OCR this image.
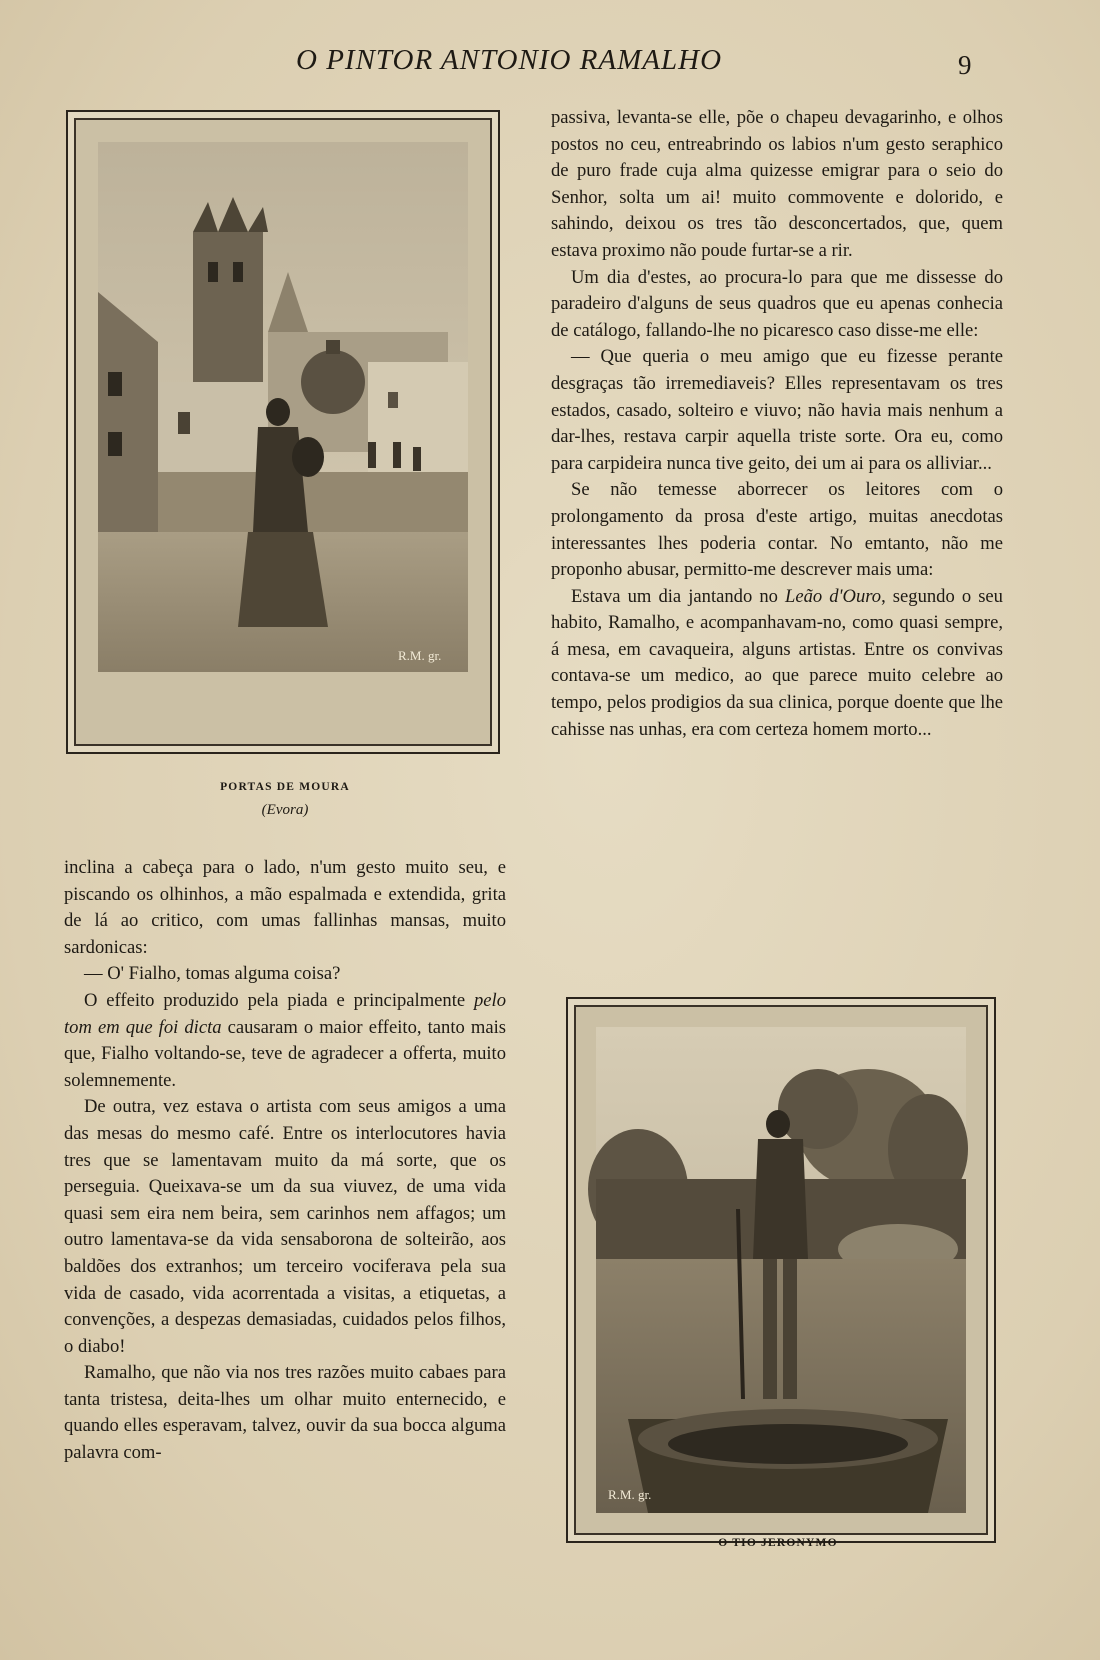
O PINTOR ANTONIO RAMALHO	9
R.M. gr.
PORTAS DE MOURA
(Evora)

inclina a cabeça para o lado, n'um gesto muito seu, e piscando os olhinhos, a mão espalmada e extendida, grita de lá ao critico, com umas fallinhas mansas, muito sardonicas:

— O' Fialho, tomas alguma coisa?

O effeito produzido pela piada e principalmente pelo tom em que foi dicta causaram o maior effeito, tanto mais que, Fialho voltando-se, teve de agradecer a offerta, muito solemnemente.

De outra, vez estava o artista com seus amigos a uma das mesas do mesmo café. Entre os interlocutores havia tres que se lamentavam muito da má sorte, que os perseguia. Queixava-se um da sua viuvez, de uma vida quasi sem eira nem beira, sem carinhos nem affagos; um outro lamentava-se da vida sensaborona de solteirão, aos baldões dos extranhos; um terceiro vociferava pela sua vida de casado, vida acorrentada a visitas, a etiquetas, a convenções, a despezas demasiadas, cuidados pelos filhos, o diabo!

Ramalho, que não via nos tres razões muito cabaes para tanta tristesa, deita-lhes um olhar muito enternecido, e quando elles esperavam, talvez, ouvir da sua bocca alguma palavra com-

passiva, levanta-se elle, põe o chapeu devagarinho, e olhos postos no ceu, entreabrindo os labios n'um gesto seraphico de puro frade cuja alma quizesse emigrar para o seio do Senhor, solta um ai! muito commovente e dolorido, e sahindo, deixou os tres tão desconcertados, que, quem estava proximo não poude furtar-se a rir.

Um dia d'estes, ao procura-lo para que me dissesse do paradeiro d'alguns de seus quadros que eu apenas conhecia de catálogo, fallando-lhe no picaresco caso disse-me elle:

— Que queria o meu amigo que eu fizesse perante desgraças tão irremediaveis? Elles representavam os tres estados, casado, solteiro e viuvo; não havia mais nenhum a dar-lhes, restava carpir aquella triste sorte. Ora eu, como para carpideira nunca tive geito, dei um ai para os alliviar...

Se não temesse aborrecer os leitores com o prolongamento da prosa d'este artigo, muitas anecdotas interessantes lhes poderia contar. No emtanto, não me proponho abusar, permitto-me descrever mais uma:

Estava um dia jantando no Leão d'Ouro, segundo o seu habito, Ramalho, e acompanhavam-no, como quasi sempre, á mesa, em cavaqueira, alguns artistas. Entre os convivas contava-se um medico, ao que parece muito celebre ao tempo, pelos prodigios da sua clinica, porque doente que lhe cahisse nas unhas, era com certeza homem morto...

R.M. gr.
O TIO JERONYMO
